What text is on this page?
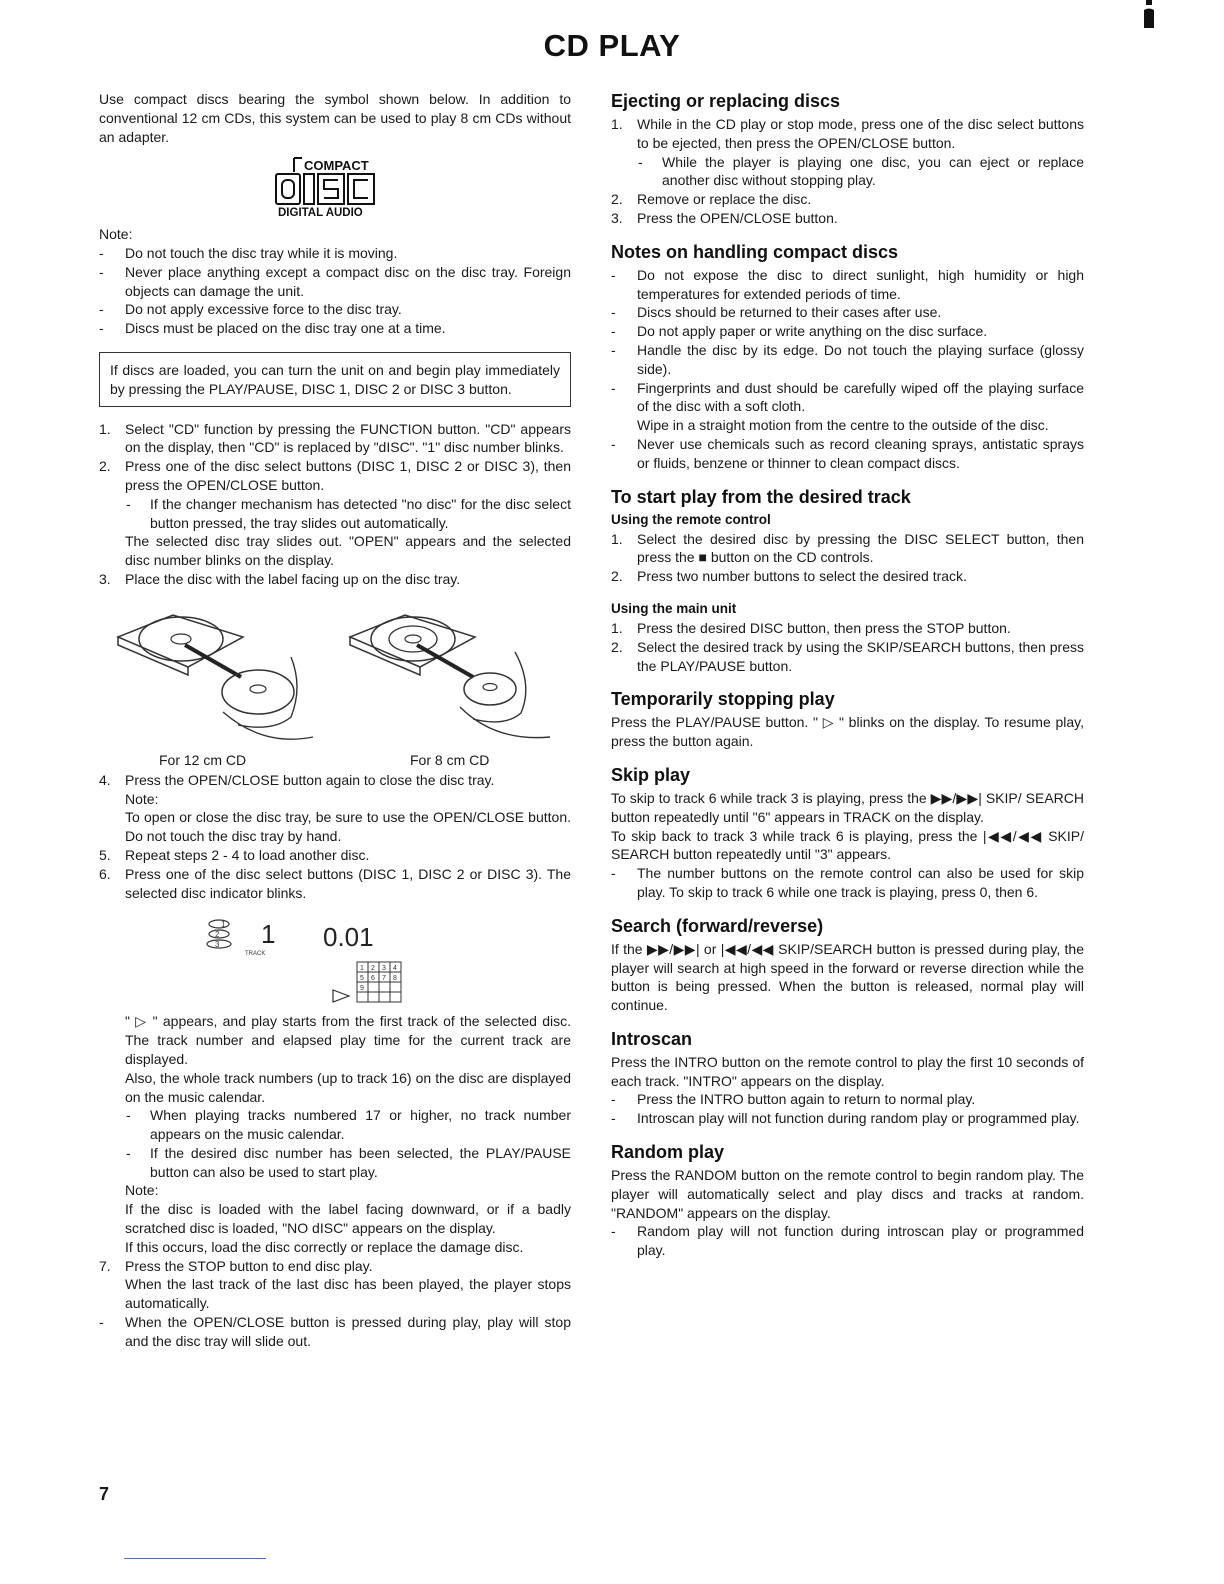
CD PLAY

Use compact discs bearing the symbol shown below. In addition to conventional 12 cm CDs, this system can be used to play 8 cm CDs without an adapter.

COMPACT
DIGITAL AUDIO

Note:

- Do not touch the disc tray while it is moving.
- Never place anything except a compact disc on the disc tray. Foreign objects can damage the unit.
- Do not apply excessive force to the disc tray.
- Discs must be placed on the disc tray one at a time.

If discs are loaded, you can turn the unit on and begin play immediately by pressing the PLAY/PAUSE, DISC 1, DISC 2 or DISC 3 button.

1. Select "CD" function by pressing the FUNCTION button. "CD" appears on the display, then "CD" is replaced by "dISC". "1" disc number blinks.
2. Press one of the disc select buttons (DISC 1, DISC 2 or DISC 3), then press the OPEN/CLOSE button.
- If the changer mechanism has detected "no disc" for the disc select button pressed, the tray slides out automatically.
The selected disc tray slides out. "OPEN" appears and the selected disc number blinks on the display.
3. Place the disc with the label facing up on the disc tray.
For 12 cm CD	For 8 cm CD
4. Press the OPEN/CLOSE button again to close the disc tray.
Note:
To open or close the disc tray, be sure to use the OPEN/CLOSE button. Do not touch the disc tray by hand.
5. Repeat steps 2 - 4 to load another disc.
6. Press one of the disc select buttons (DISC 1, DISC 2 or DISC 3). The selected disc indicator blinks.
1
2
3 1
TRACK
0.01
1 2 3 4
5 6 7 8
9
" ▷ " appears, and play starts from the first track of the selected disc. The track number and elapsed play time for the current track are displayed.
Also, the whole track numbers (up to track 16) on the disc are displayed on the music calendar.
- When playing tracks numbered 17 or higher, no track number appears on the music calendar.
- If the desired disc number has been selected, the PLAY/PAUSE button can also be used to start play.
Note:
If the disc is loaded with the label facing downward, or if a badly scratched disc is loaded, "NO dISC" appears on the display.
If this occurs, load the disc correctly or replace the damage disc.
7. Press the STOP button to end disc play.
When the last track of the last disc has been played, the player stops automatically.
- When the OPEN/CLOSE button is pressed during play, play will stop and the disc tray will slide out.
Ejecting or replacing discs
1. While in the CD play or stop mode, press one of the disc select buttons to be ejected, then press the OPEN/CLOSE button.
- While the player is playing one disc, you can eject or replace another disc without stopping play.
2. Remove or replace the disc.
3. Press the OPEN/CLOSE button.
Notes on handling compact discs
- Do not expose the disc to direct sunlight, high humidity or high temperatures for extended periods of time.
- Discs should be returned to their cases after use.
- Do not apply paper or write anything on the disc surface.
- Handle the disc by its edge. Do not touch the playing surface (glossy side).
- Fingerprints and dust should be carefully wiped off the playing surface of the disc with a soft cloth.
Wipe in a straight motion from the centre to the outside of the disc.
- Never use chemicals such as record cleaning sprays, antistatic sprays or fluids, benzene or thinner to clean compact discs.
To start play from the desired track
Using the remote control
1. Select the desired disc by pressing the DISC SELECT button, then press the ■ button on the CD controls.
2. Press two number buttons to select the desired track.
Using the main unit
1. Press the desired DISC button, then press the STOP button.
2. Select the desired track by using the SKIP/SEARCH buttons, then press the PLAY/PAUSE button.
Temporarily stopping play

Press the PLAY/PAUSE button. " ▷ " blinks on the display. To resume play, press the button again.

Skip play

To skip to track 6 while track 3 is playing, press the ▶▶/▶▶| SKIP/ SEARCH button repeatedly until "6" appears in TRACK on the display.

To skip back to track 3 while track 6 is playing, press the |◀◀/◀◀ SKIP/ SEARCH button repeatedly until "3" appears.

- The number buttons on the remote control can also be used for skip play. To skip to track 6 while one track is playing, press 0, then 6.
Search (forward/reverse)

If the ▶▶/▶▶| or |◀◀/◀◀ SKIP/SEARCH button is pressed during play, the player will search at high speed in the forward or reverse direction while the button is being pressed. When the button is released, normal play will continue.

Introscan

Press the INTRO button on the remote control to play the first 10 seconds of each track. "INTRO" appears on the display.

- Press the INTRO button again to return to normal play.
- Introscan play will not function during random play or programmed play.
Random play

Press the RANDOM button on the remote control to begin random play. The player will automatically select and play discs and tracks at random. "RANDOM" appears on the display.

- Random play will not function during introscan play or programmed play.
7
